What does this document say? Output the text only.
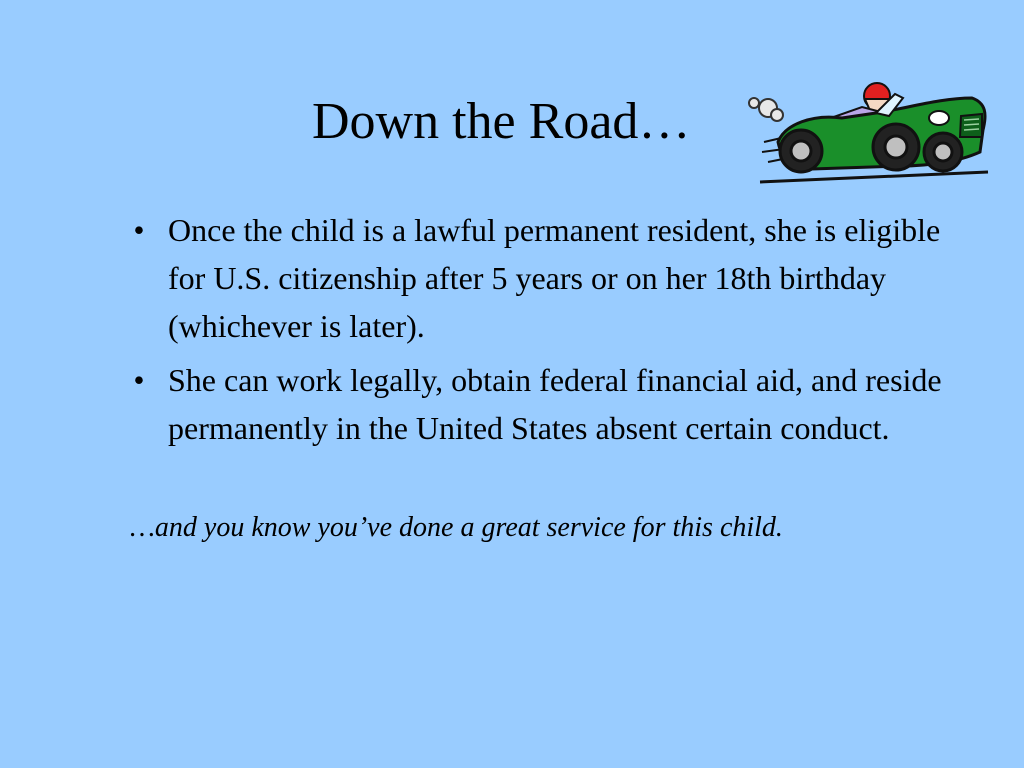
Down the Road…
• Once the child is a lawful permanent resident, she is eligible for U.S. citizenship after 5 years or on her 18th birthday (whichever is later).
• She can work legally, obtain federal financial aid, and reside permanently in the United States absent certain conduct.

…and you know you’ve done a great service for this child.
